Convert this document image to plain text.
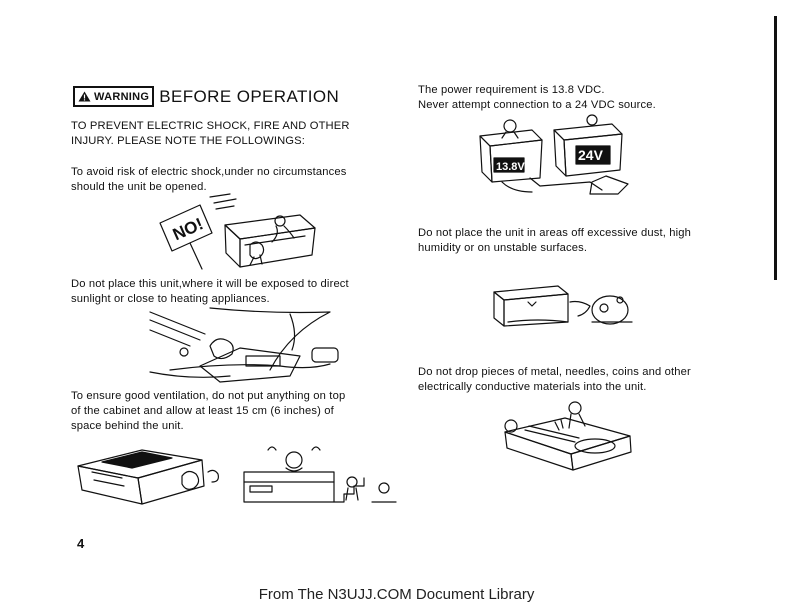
WARNING BEFORE OPERATION
TO PREVENT ELECTRIC SHOCK, FIRE AND OTHER
INJURY. PLEASE NOTE THE FOLLOWINGS:
To avoid risk of electric shock,under no circumstances
should the unit be opened.
NO!
Do not place this unit,where it will be exposed to direct
sunlight or close to heating appliances.
To ensure good ventilation, do not put anything on top
of the cabinet and allow at least 15 cm (6 inches) of
space behind the unit.
4
The power requirement is 13.8 VDC.
Never attempt connection to a 24 VDC source.
13.8V
24V
Do not place the unit in areas off excessive dust, high
humidity or on unstable surfaces.
Do not drop pieces of metal, needles, coins and other
electrically conductive materials into the unit.
From The N3UJJ.COM Document Library
